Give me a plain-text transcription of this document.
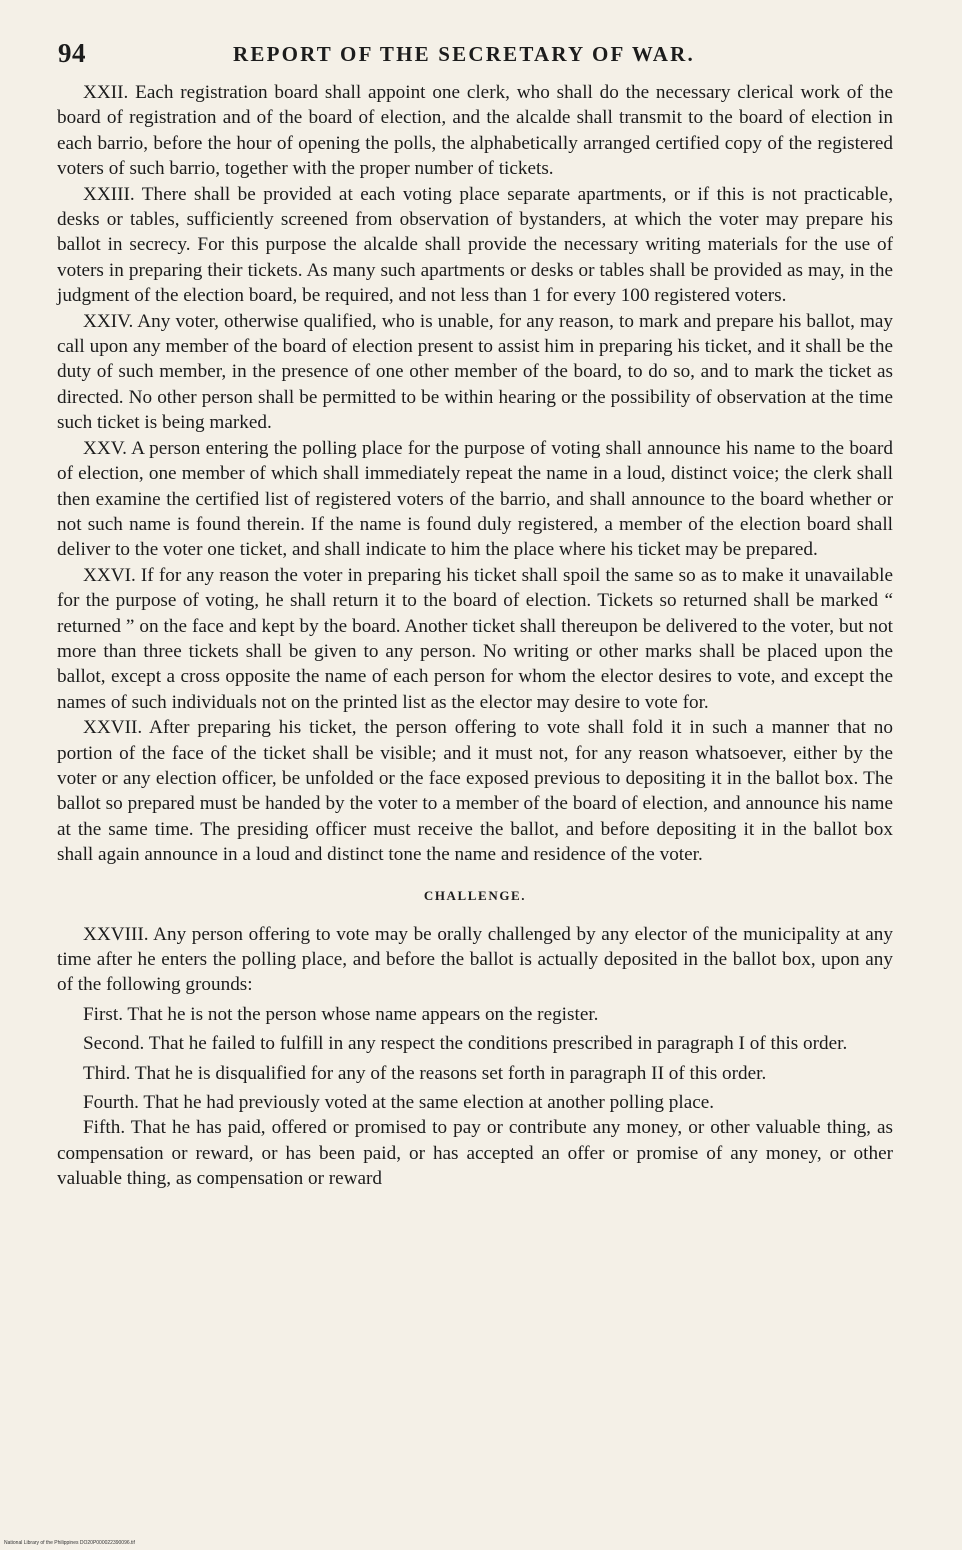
94	REPORT OF THE SECRETARY OF WAR.

XXII. Each registration board shall appoint one clerk, who shall do the necessary clerical work of the board of registration and of the board of election, and the alcalde shall transmit to the board of election in each barrio, before the hour of opening the polls, the alphabetically arranged certified copy of the registered voters of such barrio, together with the proper number of tickets.

XXIII. There shall be provided at each voting place separate apartments, or if this is not practicable, desks or tables, sufficiently screened from observation of bystanders, at which the voter may prepare his ballot in secrecy. For this purpose the alcalde shall provide the necessary writing materials for the use of voters in preparing their tickets. As many such apartments or desks or tables shall be provided as may, in the judgment of the election board, be required, and not less than 1 for every 100 registered voters.

XXIV. Any voter, otherwise qualified, who is unable, for any reason, to mark and prepare his ballot, may call upon any member of the board of election present to assist him in preparing his ticket, and it shall be the duty of such member, in the presence of one other member of the board, to do so, and to mark the ticket as directed. No other person shall be permitted to be within hearing or the possibility of observation at the time such ticket is being marked.

XXV. A person entering the polling place for the purpose of voting shall announce his name to the board of election, one member of which shall immediately repeat the name in a loud, distinct voice; the clerk shall then examine the certified list of registered voters of the barrio, and shall announce to the board whether or not such name is found therein. If the name is found duly registered, a member of the election board shall deliver to the voter one ticket, and shall indicate to him the place where his ticket may be prepared.

XXVI. If for any reason the voter in preparing his ticket shall spoil the same so as to make it unavailable for the purpose of voting, he shall return it to the board of election. Tickets so returned shall be marked “ returned ” on the face and kept by the board. Another ticket shall thereupon be delivered to the voter, but not more than three tickets shall be given to any person. No writing or other marks shall be placed upon the ballot, except a cross opposite the name of each person for whom the elector desires to vote, and except the names of such individuals not on the printed list as the elector may desire to vote for.

XXVII. After preparing his ticket, the person offering to vote shall fold it in such a manner that no portion of the face of the ticket shall be visible; and it must not, for any reason whatsoever, either by the voter or any election officer, be unfolded or the face exposed previous to depositing it in the ballot box. The ballot so prepared must be handed by the voter to a member of the board of election, and announce his name at the same time. The presiding officer must receive the ballot, and before depositing it in the ballot box shall again announce in a loud and distinct tone the name and residence of the voter.

CHALLENGE.

XXVIII. Any person offering to vote may be orally challenged by any elector of the municipality at any time after he enters the polling place, and before the ballot is actually deposited in the ballot box, upon any of the following grounds:

First. That he is not the person whose name appears on the register.

Second. That he failed to fulfill in any respect the conditions prescribed in paragraph I of this order.

Third. That he is disqualified for any of the reasons set forth in paragraph II of this order.

Fourth. That he had previously voted at the same election at another polling place.

Fifth. That he has paid, offered or promised to pay or contribute any money, or other valuable thing, as compensation or reward, or has been paid, or has accepted an offer or promise of any money, or other valuable thing, as compensation or reward

National Library of the Philippines DO20P000022390096.tif
